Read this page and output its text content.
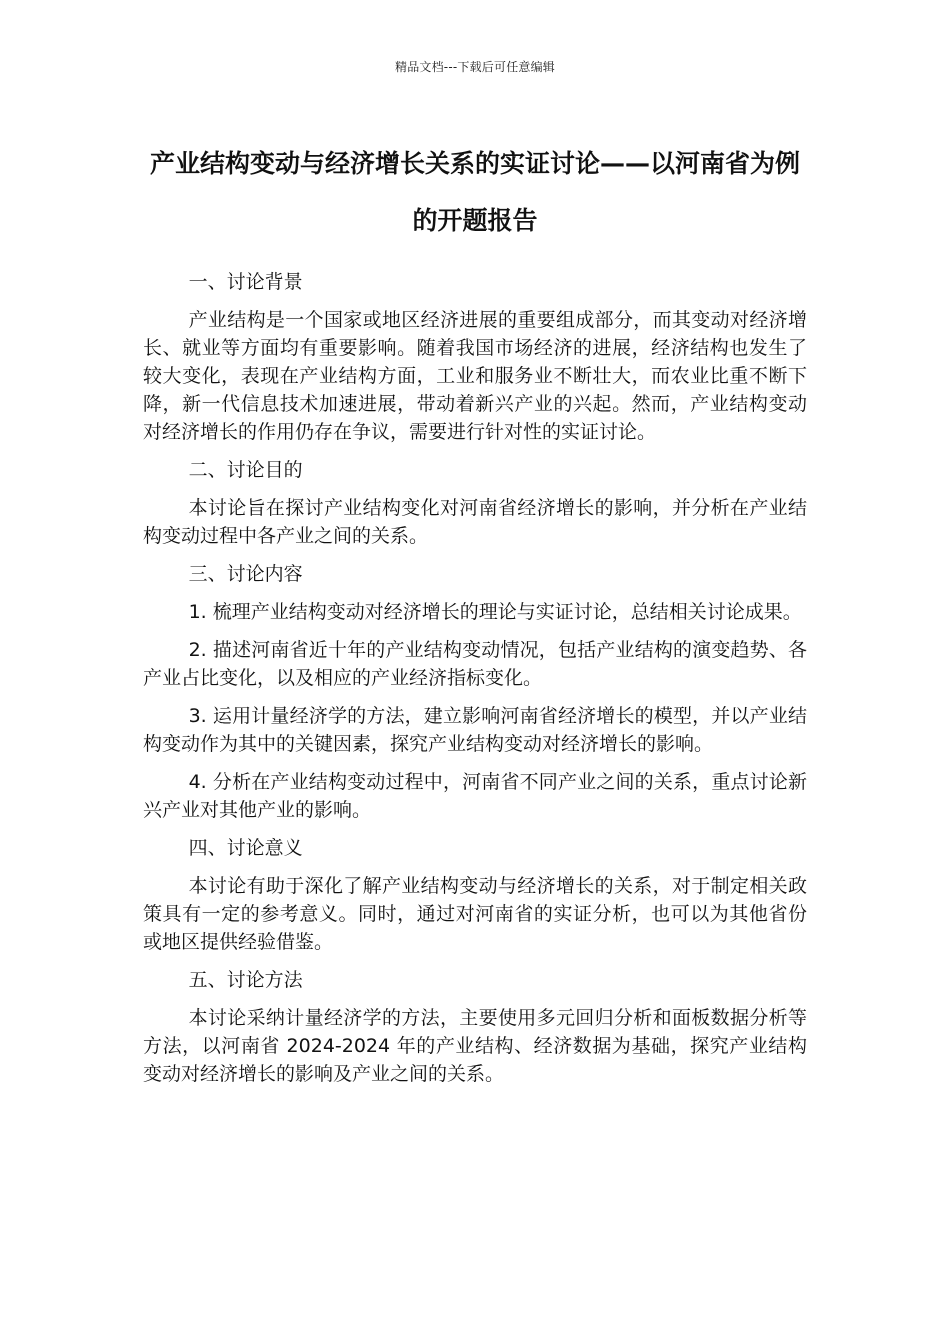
精品文档---下载后可任意编辑
产业结构变动与经济增长关系的实证讨论——以河南省为例的开题报告

一、讨论背景

产业结构是一个国家或地区经济进展的重要组成部分，而其变动对经济增长、就业等方面均有重要影响。随着我国市场经济的进展，经济结构也发生了较大变化，表现在产业结构方面，工业和服务业不断壮大，而农业比重不断下降，新一代信息技术加速进展，带动着新兴产业的兴起。然而，产业结构变动对经济增长的作用仍存在争议，需要进行针对性的实证讨论。

二、讨论目的

本讨论旨在探讨产业结构变化对河南省经济增长的影响，并分析在产业结构变动过程中各产业之间的关系。

三、讨论内容

1. 梳理产业结构变动对经济增长的理论与实证讨论，总结相关讨论成果。

2. 描述河南省近十年的产业结构变动情况，包括产业结构的演变趋势、各产业占比变化，以及相应的产业经济指标变化。

3. 运用计量经济学的方法，建立影响河南省经济增长的模型，并以产业结构变动作为其中的关键因素，探究产业结构变动对经济增长的影响。

4. 分析在产业结构变动过程中，河南省不同产业之间的关系，重点讨论新兴产业对其他产业的影响。

四、讨论意义

本讨论有助于深化了解产业结构变动与经济增长的关系，对于制定相关政策具有一定的参考意义。同时，通过对河南省的实证分析，也可以为其他省份或地区提供经验借鉴。

五、讨论方法

本讨论采纳计量经济学的方法，主要使用多元回归分析和面板数据分析等方法，以河南省 2024-2024 年的产业结构、经济数据为基础，探究产业结构变动对经济增长的影响及产业之间的关系。
